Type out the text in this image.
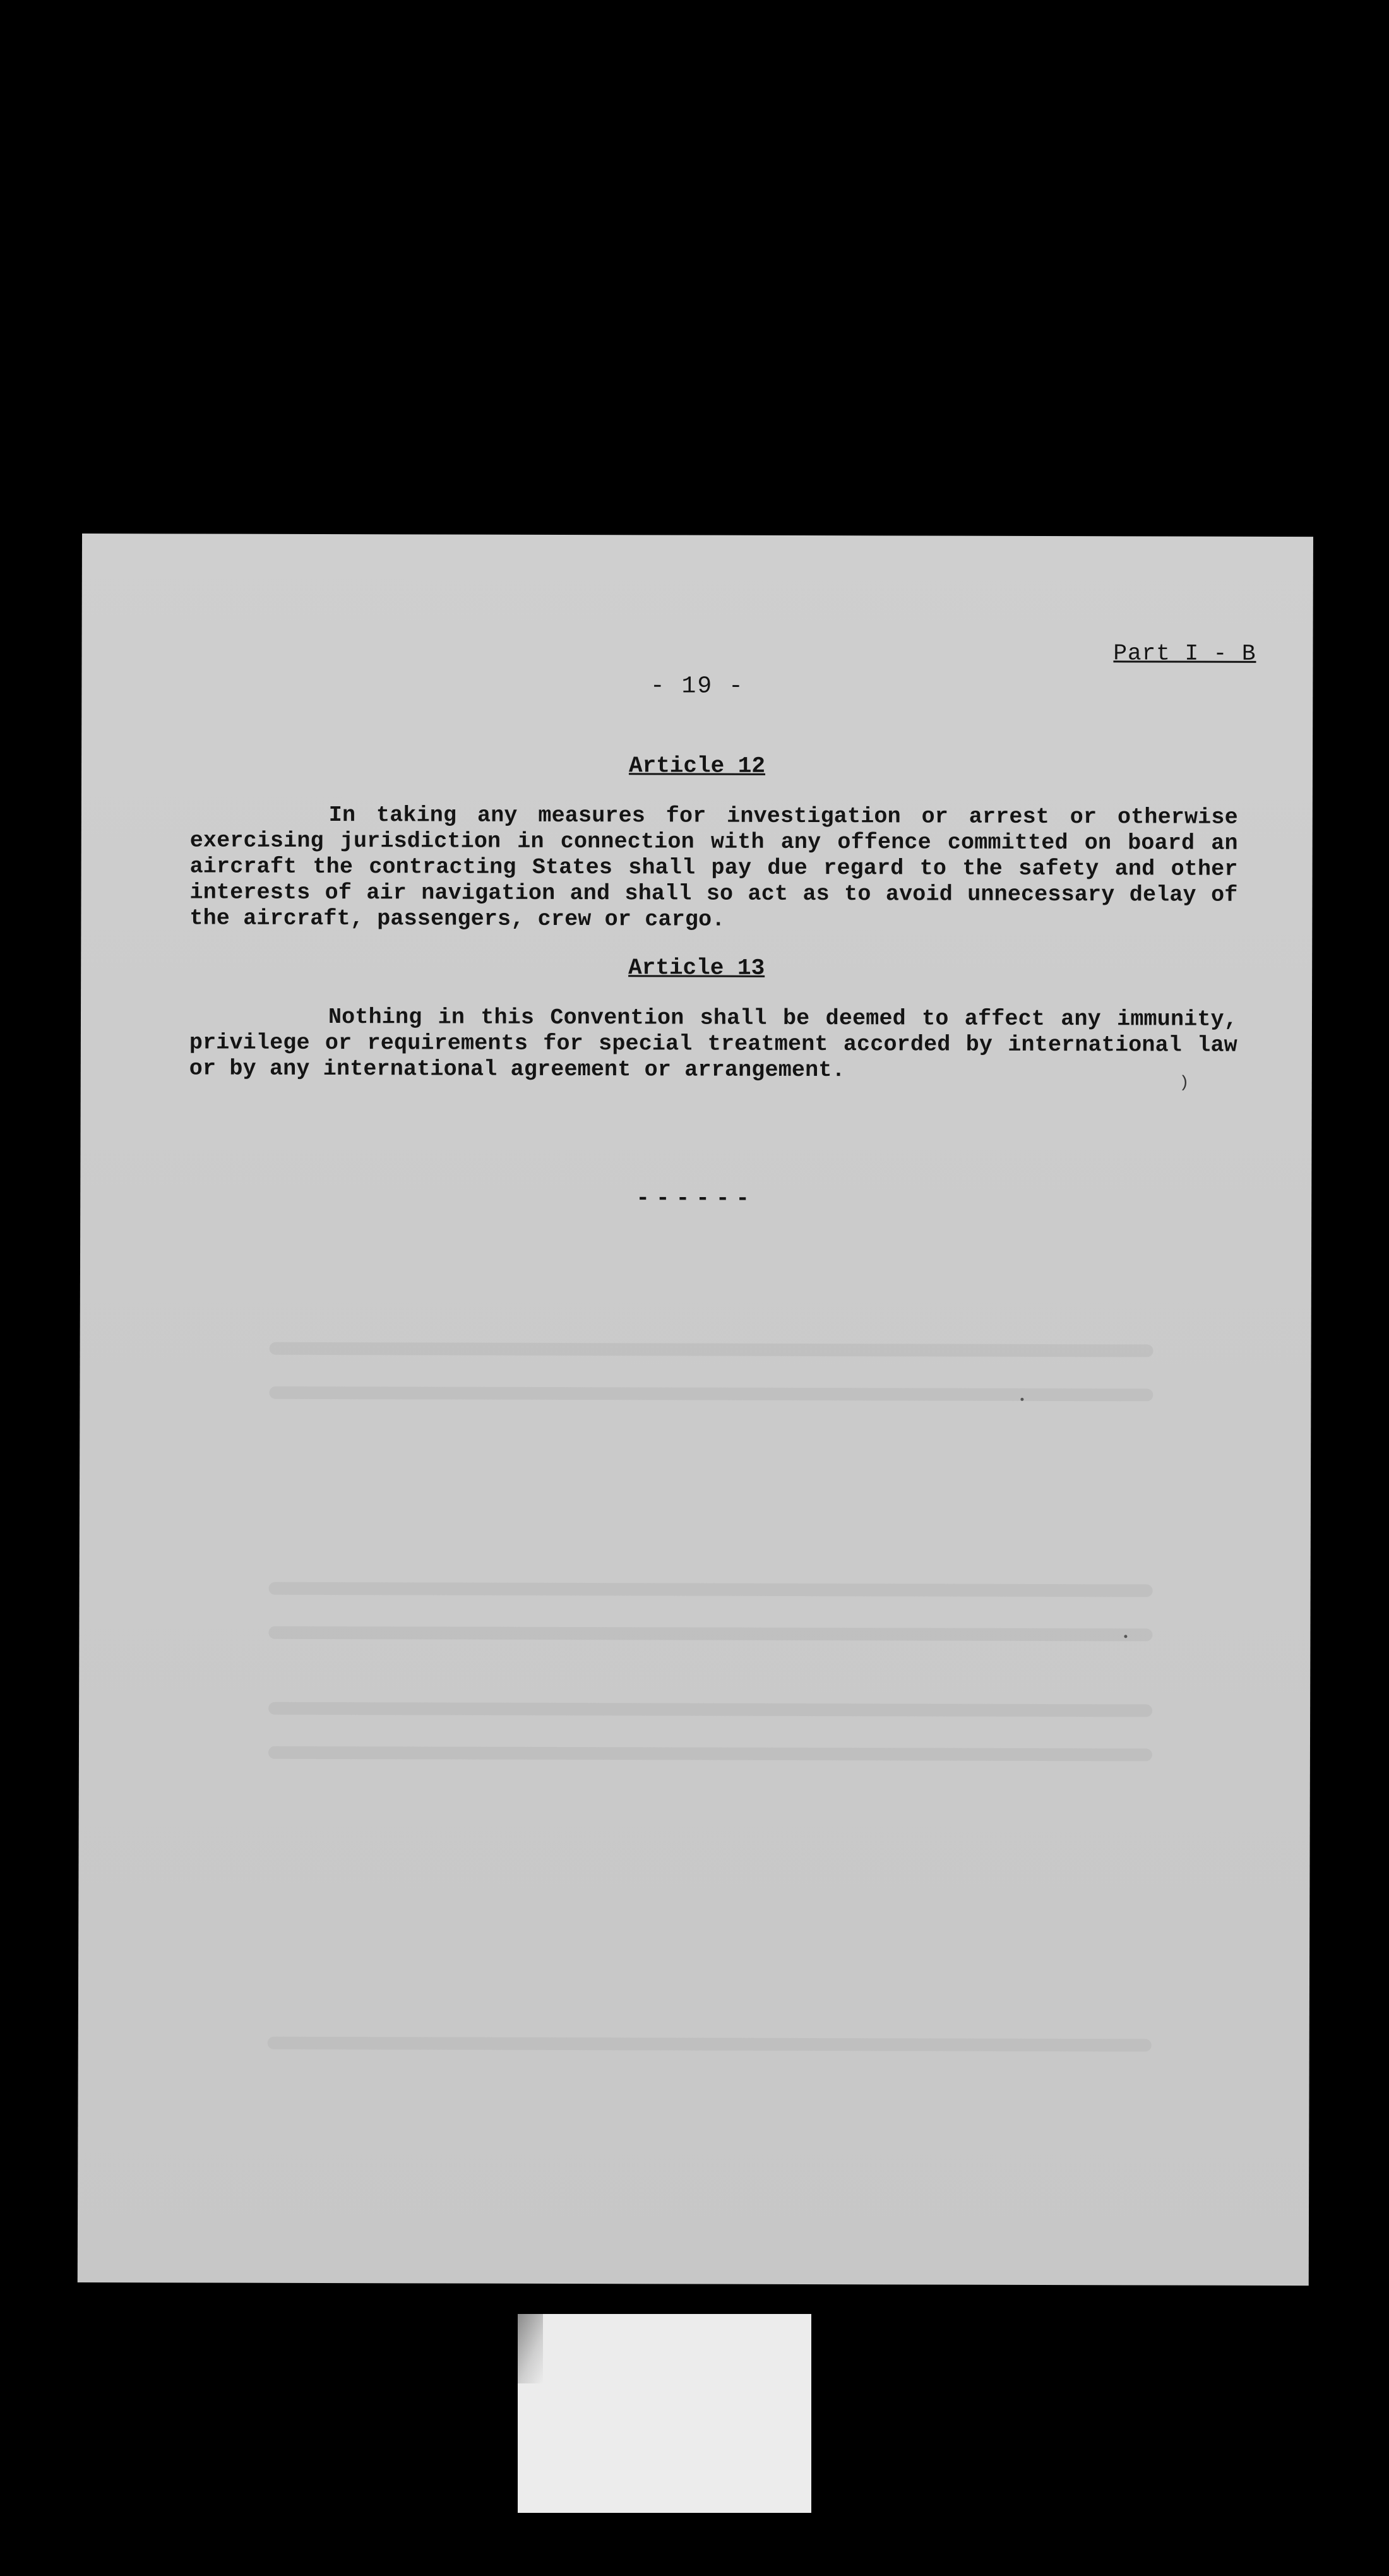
Part I - B
- 19 -
Article 12
In taking any measures for investigation or arrest or otherwise exercising jurisdiction in connection with any offence committed on board an aircraft the contracting States shall pay due regard to the safety and other interests of air navigation and shall so act as to avoid unnecessary delay of the aircraft, passengers, crew or cargo.
Article 13
Nothing in this Convention shall be deemed to affect any immunity, privilege or requirements for special treatment accorded by international law or by any international agreement or arrangement.
------
)
